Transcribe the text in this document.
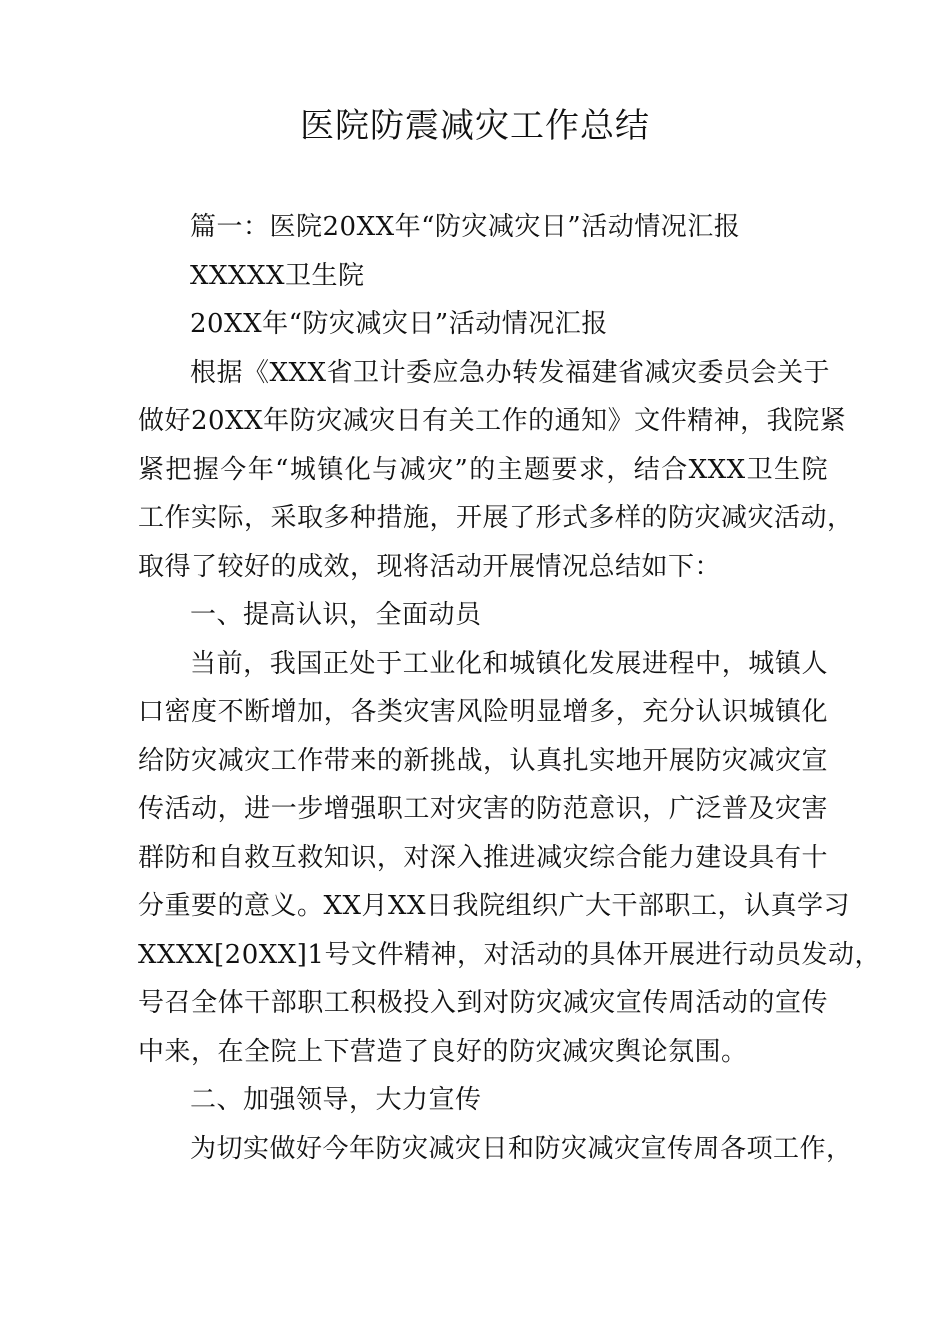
医院防震减灾工作总结
篇一：医院20XX年“防灾减灾日”活动情况汇报
XXXXX卫生院
20XX年“防灾减灾日”活动情况汇报
根据《XXX省卫计委应急办转发福建省减灾委员会关于
做好20XX年防灾减灾日有关工作的通知》文件精神，我院紧
紧把握今年“城镇化与减灾”的主题要求，结合XXX卫生院
工作实际，采取多种措施，开展了形式多样的防灾减灾活动，
取得了较好的成效，现将活动开展情况总结如下：
一、提高认识，全面动员
当前，我国正处于工业化和城镇化发展进程中，城镇人
口密度不断增加，各类灾害风险明显增多，充分认识城镇化
给防灾减灾工作带来的新挑战，认真扎实地开展防灾减灾宣
传活动，进一步增强职工对灾害的防范意识，广泛普及灾害
群防和自救互救知识，对深入推进减灾综合能力建设具有十
分重要的意义。XX月XX日我院组织广大干部职工，认真学习
XXXX[20XX]1号文件精神，对活动的具体开展进行动员发动，
号召全体干部职工积极投入到对防灾减灾宣传周活动的宣传
中来，在全院上下营造了良好的防灾减灾舆论氛围。
二、加强领导，大力宣传
为切实做好今年防灾减灾日和防灾减灾宣传周各项工作，
